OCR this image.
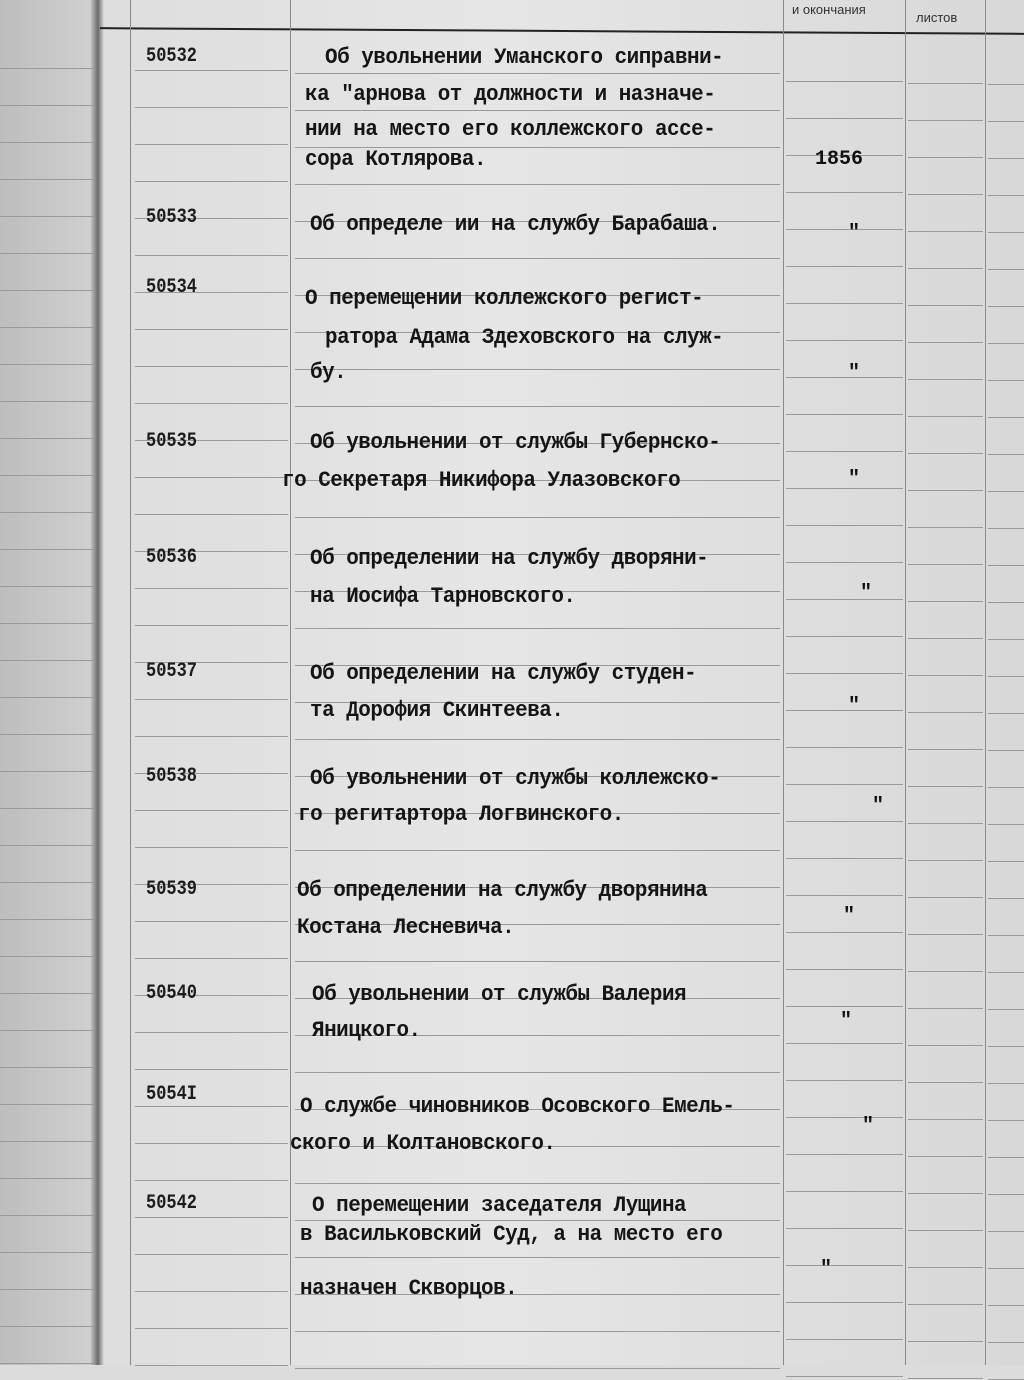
и окончания
листов
50532	Об увольнении Уманского сиправни-
ка "арнова от должности и назначе-
нии на место его коллежского ассе-
сора Котлярова.	1856
50533	Об определе ии на службу Барабаша.	"
50534	О перемещении коллежского регист-
ратора Адама Здеховского на служ-
бу.	"
50535	Об увольнении от службы Губернско-
го Секретаря Никифора Улазовского	"
50536	Об определении на службу дворяни-
на Иосифа Тарновского.	"
50537	Об определении на службу студен-
та Дорофия Скинтеева.	"
50538	Об увольнении от службы коллежско-
го регитартора Логвинского.	"
50539	Об определении на службу дворянина
Костана Лесневича.	"
50540	Об увольнении от службы Валерия
Яницкого.	"
5054I	О службе чиновников Осовского Емель-
ского и Колтановского.
"
50542	О перемещении заседателя Лущина
в Васильковский Суд, а на место его
назначен Скворцов.
"
